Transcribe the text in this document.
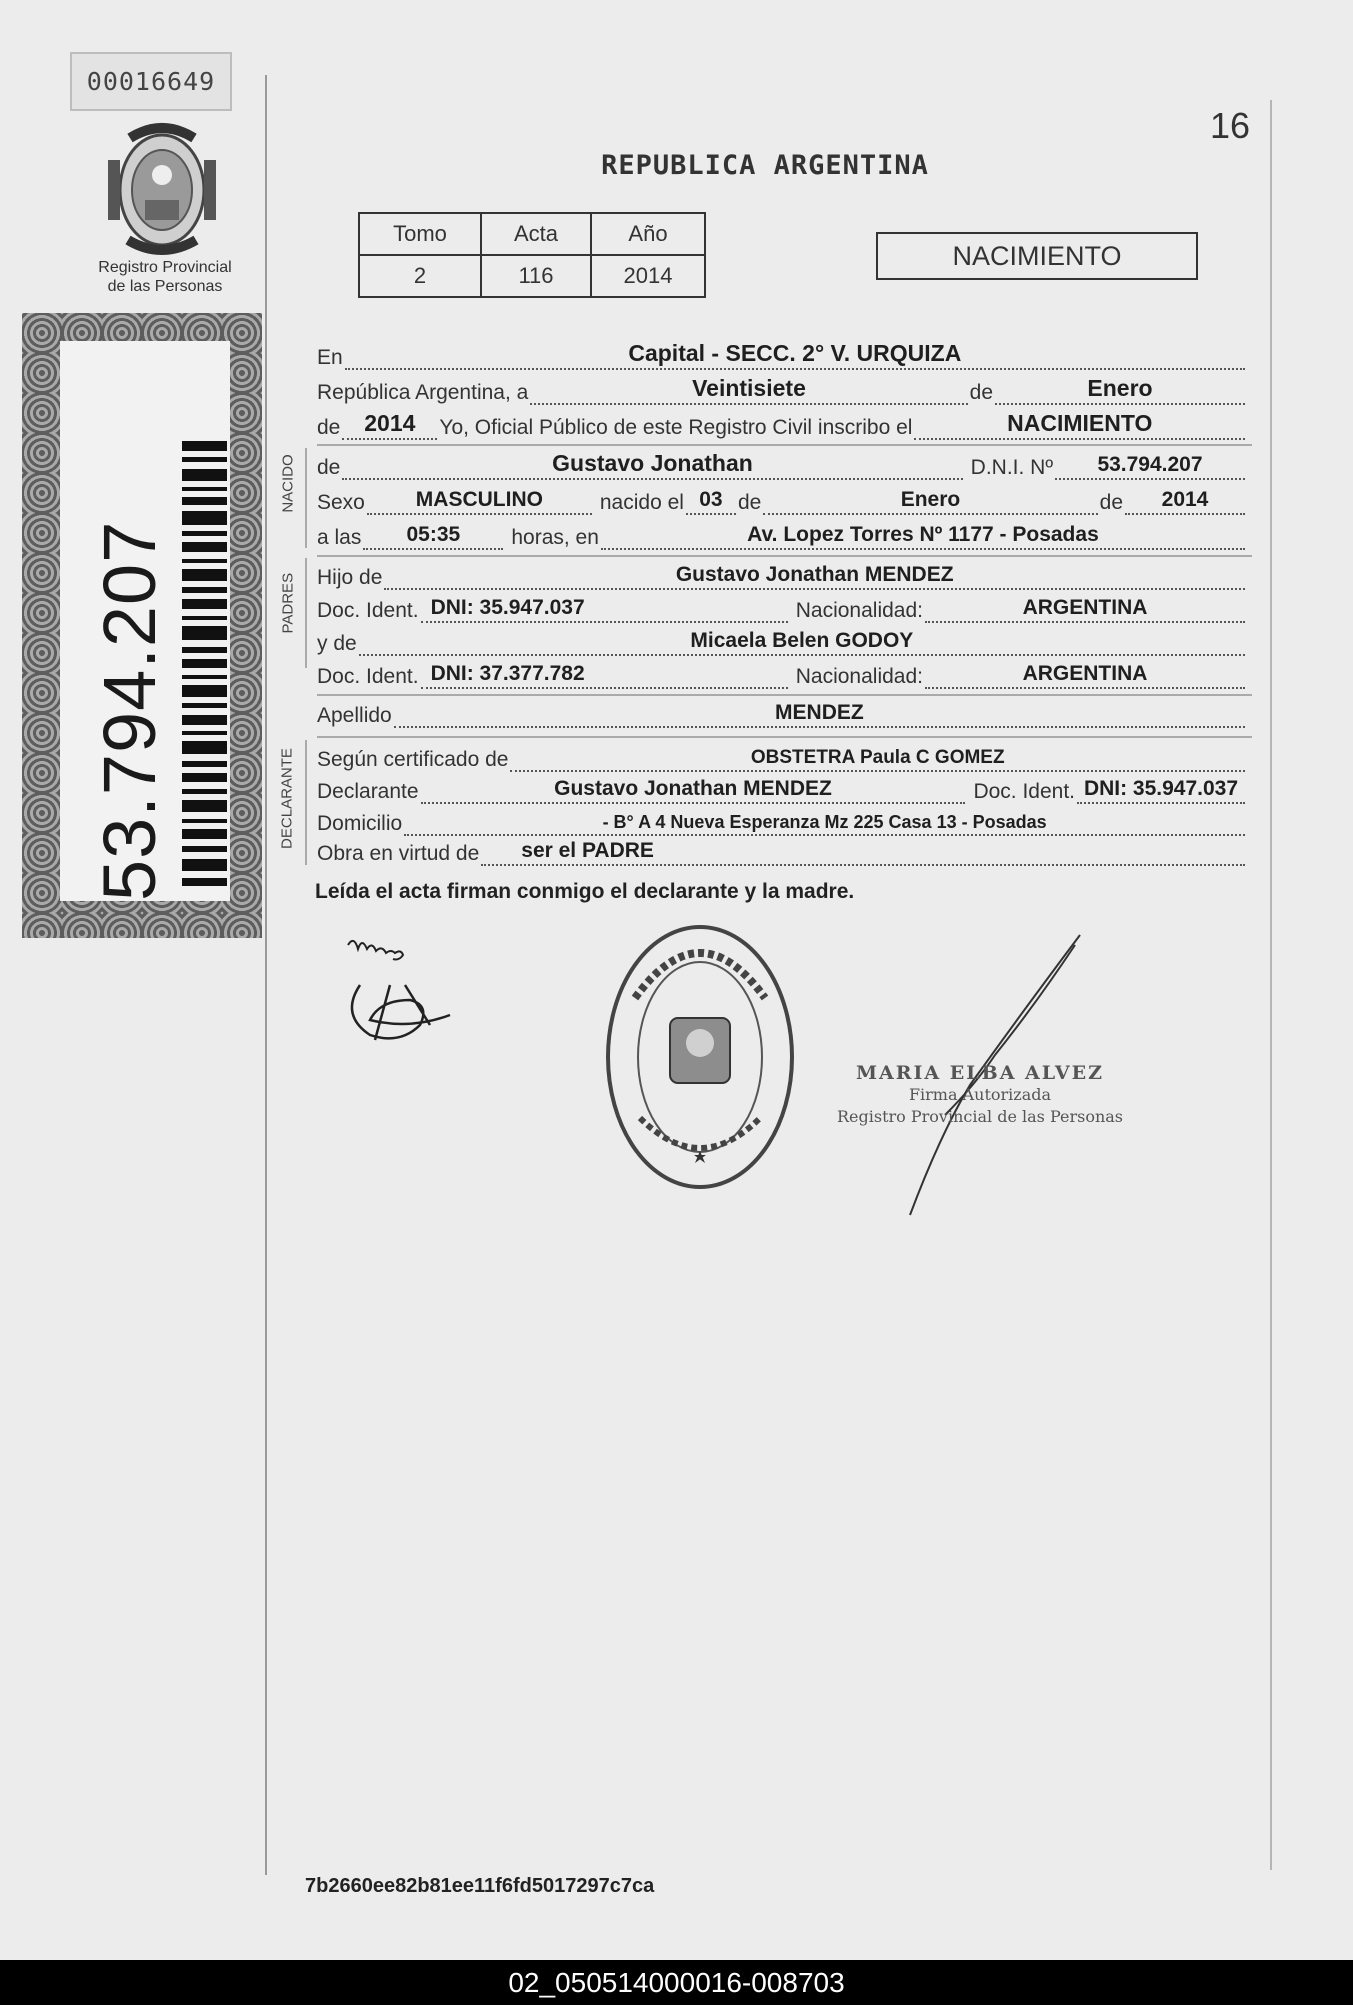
00016649
Registro Provincial
de las Personas
53.794.207
16
REPUBLICA ARGENTINA
Tomo	Acta	Año
2	116	2014
NACIMIENTO
En	Capital - SECC. 2° V. URQUIZA
República Argentina, a	Veintisiete	de	Enero
de	2014	Yo, Oficial Público de este Registro Civil inscribo el	NACIMIENTO
NACIDO de	Gustavo Jonathan	D.N.I. Nº	53.794.207
Sexo	MASCULINO	nacido el 03 de	Enero	de	2014
a las	05:35	horas, en	Av. Lopez Torres Nº 1177 - Posadas
PADRES Hijo de	Gustavo Jonathan MENDEZ
Doc. Ident. DNI: 35.947.037	Nacionalidad:	ARGENTINA
y de	Micaela Belen GODOY
Doc. Ident. DNI: 37.377.782	Nacionalidad:	ARGENTINA
Apellido	MENDEZ
DECLARANTE Según certificado de	OBSTETRA Paula C GOMEZ
Declarante	Gustavo Jonathan MENDEZ	Doc. Ident. DNI: 35.947.037
Domicilio	- B° A 4 Nueva Esperanza Mz 225 Casa 13 - Posadas
Obra en virtud de	ser el PADRE
Leída el acta firman conmigo el declarante y la madre.
MARIA ELBA ALVEZ
Firma Autorizada
Registro Provincial de las Personas
7b2660ee82b81ee11f6fd5017297c7ca
02_050514000016-008703
